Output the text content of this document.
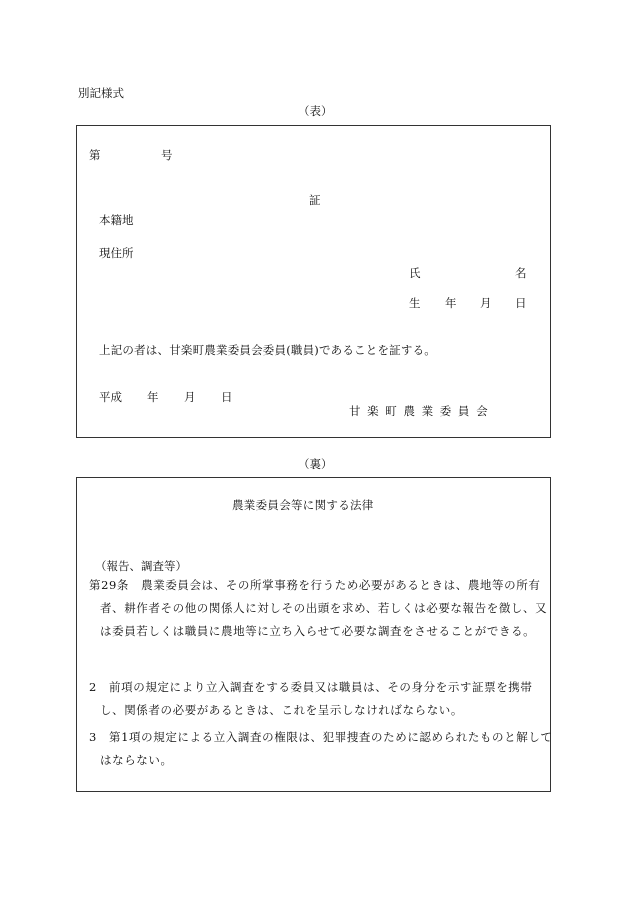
別記様式
（表）
第	号
証
本籍地
現住所
氏	名
生 年 月 日
上記の者は、甘楽町農業委員会委員(職員)であることを証する。
平成 年 月 日
甘 楽 町 農 業 委 員 会
（裏）
農業委員会等に関する法律
（報告、調査等）
第29条　農業委員会は、その所掌事務を行うため必要があるときは、農地等の所有者、耕作者その他の関係人に対しその出頭を求め、若しくは必要な報告を徴し、又は委員若しくは職員に農地等に立ち入らせて必要な調査をさせることができる。
2　前項の規定により立入調査をする委員又は職員は、その身分を示す証票を携帯し、関係者の必要があるときは、これを呈示しなければならない。
3　第1項の規定による立入調査の権限は、犯罪捜査のために認められたものと解してはならない。
